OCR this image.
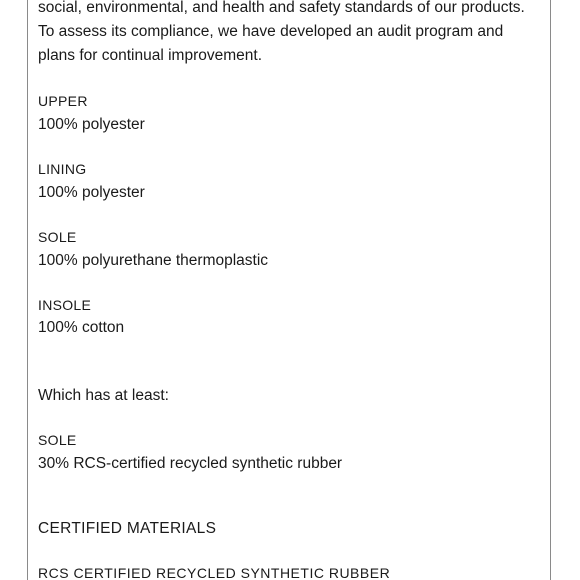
social, environmental, and health and safety standards of our products.
To assess its compliance, we have developed an audit program and
plans for continual improvement.
UPPER
100% polyester
LINING
100% polyester
SOLE
100% polyurethane thermoplastic
INSOLE
100% cotton
Which has at least:
SOLE
30% RCS-certified recycled synthetic rubber
CERTIFIED MATERIALS
RCS CERTIFIED RECYCLED SYNTHETIC RUBBER
